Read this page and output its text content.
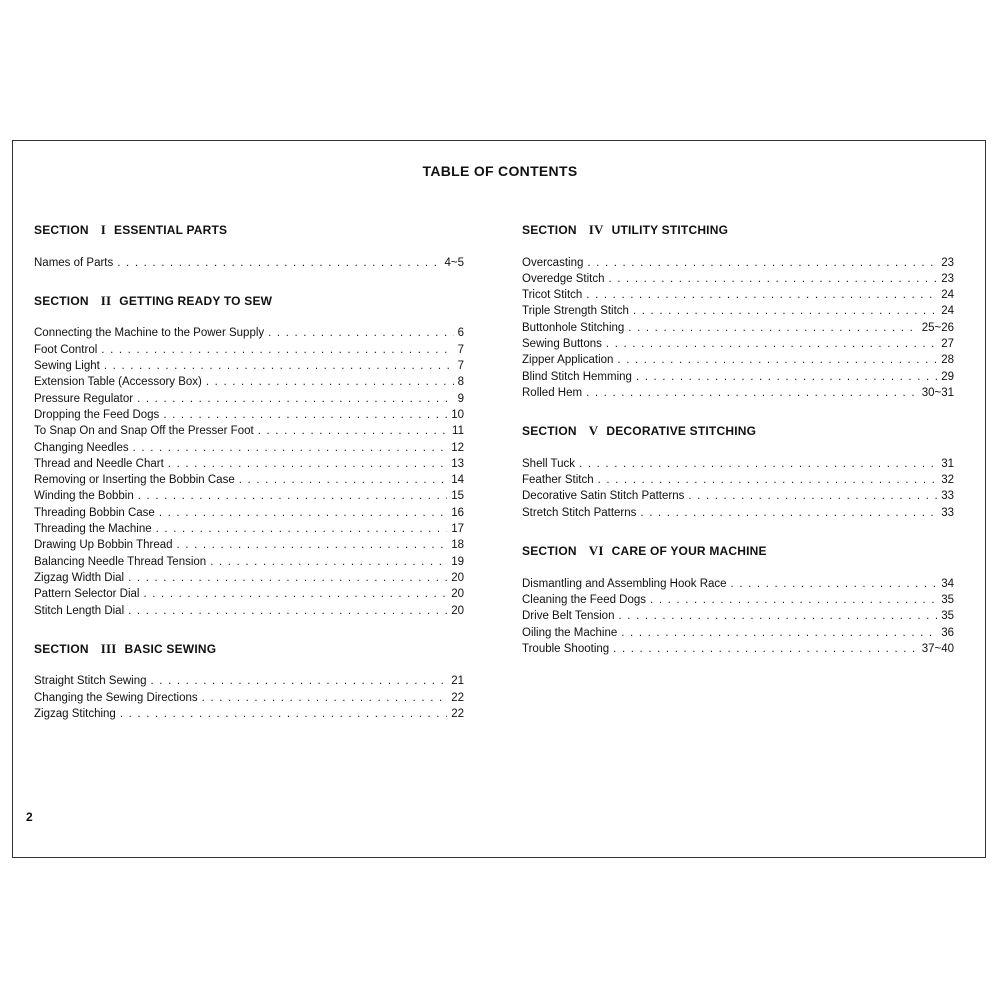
TABLE OF CONTENTS
SECTION I ESSENTIAL PARTS
Names of Parts . . .	4~5
SECTION II GETTING READY TO SEW
Connecting the Machine to the Power Supply . . .	6
Foot Control . . .	7
Sewing Light . . .	7
Extension Table (Accessory Box) . . .	8
Pressure Regulator . . .	9
Dropping the Feed Dogs . . .	10
To Snap On and Snap Off the Presser Foot . . .	11
Changing Needles . . .	12
Thread and Needle Chart . . .	13
Removing or Inserting the Bobbin Case . . .	14
Winding the Bobbin . . .	15
Threading Bobbin Case . . .	16
Threading the Machine . . .	17
Drawing Up Bobbin Thread . . .	18
Balancing Needle Thread Tension . . .	19
Zigzag Width Dial . . .	20
Pattern Selector Dial . . .	20
Stitch Length Dial . . .	20
SECTION III BASIC SEWING
Straight Stitch Sewing . . .	21
Changing the Sewing Directions . . .	22
Zigzag Stitching . . .	22
SECTION IV UTILITY STITCHING
Overcasting . . .	23
Overedge Stitch . . .	23
Tricot Stitch . . .	24
Triple Strength Stitch . . .	24
Buttonhole Stitching . . .	25~26
Sewing Buttons . . .	27
Zipper Application . . .	28
Blind Stitch Hemming . . .	29
Rolled Hem . . .	30~31
SECTION V DECORATIVE STITCHING
Shell Tuck . . .	31
Feather Stitch . . .	32
Decorative Satin Stitch Patterns . . .	33
Stretch Stitch Patterns . . .	33
SECTION VI CARE OF YOUR MACHINE
Dismantling and Assembling Hook Race . . .	34
Cleaning the Feed Dogs . . .	35
Drive Belt Tension . . .	35
Oiling the Machine . . .	36
Trouble Shooting . . .	37~40
2
